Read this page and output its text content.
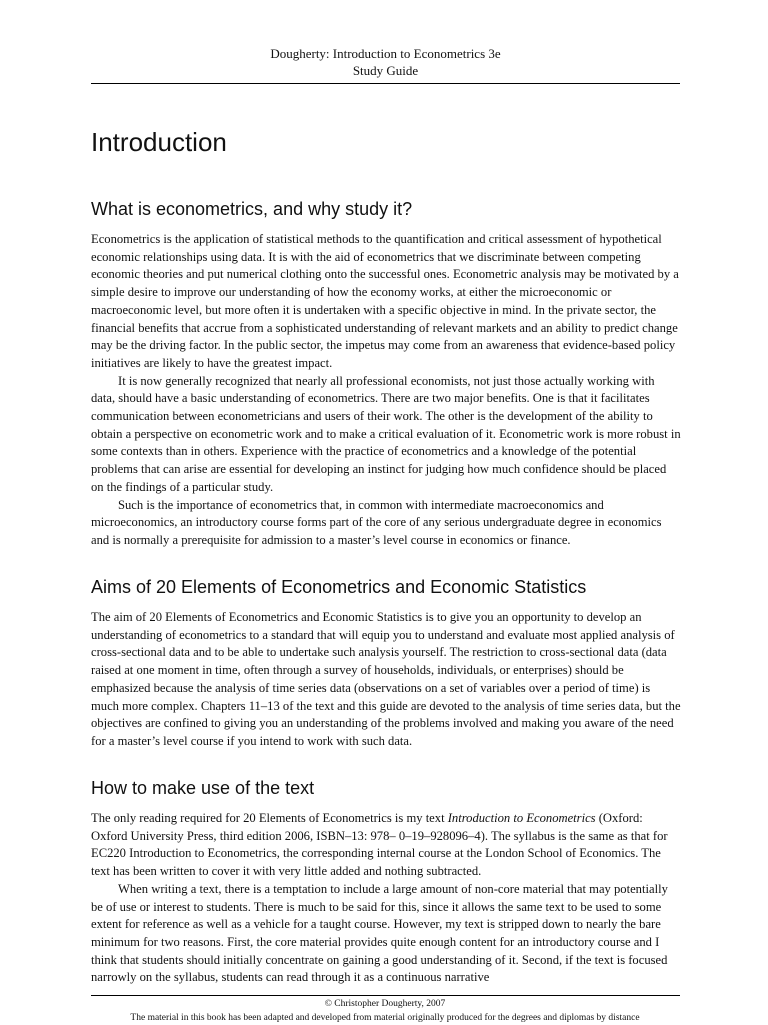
Dougherty: Introduction to Econometrics 3e
Study Guide
Introduction
What is econometrics, and why study it?

Econometrics is the application of statistical methods to the quantification and critical assessment of hypothetical economic relationships using data. It is with the aid of econometrics that we discriminate between competing economic theories and put numerical clothing onto the successful ones. Econometric analysis may be motivated by a simple desire to improve our understanding of how the economy works, at either the microeconomic or macroeconomic level, but more often it is undertaken with a specific objective in mind. In the private sector, the financial benefits that accrue from a sophisticated understanding of relevant markets and an ability to predict change may be the driving factor. In the public sector, the impetus may come from an awareness that evidence-based policy initiatives are likely to have the greatest impact.

It is now generally recognized that nearly all professional economists, not just those actually working with data, should have a basic understanding of econometrics. There are two major benefits. One is that it facilitates communication between econometricians and users of their work. The other is the development of the ability to obtain a perspective on econometric work and to make a critical evaluation of it. Econometric work is more robust in some contexts than in others. Experience with the practice of econometrics and a knowledge of the potential problems that can arise are essential for developing an instinct for judging how much confidence should be placed on the findings of a particular study.

Such is the importance of econometrics that, in common with intermediate macroeconomics and microeconomics, an introductory course forms part of the core of any serious undergraduate degree in economics and is normally a prerequisite for admission to a master’s level course in economics or finance.

Aims of 20 Elements of Econometrics and Economic Statistics

The aim of 20 Elements of Econometrics and Economic Statistics is to give you an opportunity to develop an understanding of econometrics to a standard that will equip you to understand and evaluate most applied analysis of cross-sectional data and to be able to undertake such analysis yourself. The restriction to cross-sectional data (data raised at one moment in time, often through a survey of households, individuals, or enterprises) should be emphasized because the analysis of time series data (observations on a set of variables over a period of time) is much more complex. Chapters 11–13 of the text and this guide are devoted to the analysis of time series data, but the objectives are confined to giving you an understanding of the problems involved and making you aware of the need for a master’s level course if you intend to work with such data.

How to make use of the text

The only reading required for 20 Elements of Econometrics is my text Introduction to Econometrics (Oxford: Oxford University Press, third edition 2006, ISBN–13: 978– 0–19–928096–4). The syllabus is the same as that for EC220 Introduction to Econometrics, the corresponding internal course at the London School of Economics. The text has been written to cover it with very little added and nothing subtracted.

When writing a text, there is a temptation to include a large amount of non-core material that may potentially be of use or interest to students. There is much to be said for this, since it allows the same text to be used to some extent for reference as well as a vehicle for a taught course. However, my text is stripped down to nearly the bare minimum for two reasons. First, the core material provides quite enough content for an introductory course and I think that students should initially concentrate on gaining a good understanding of it. Second, if the text is focused narrowly on the syllabus, students can read through it as a continuous narrative

© Christopher Dougherty, 2007
The material in this book has been adapted and developed from material originally produced for the degrees and diplomas by distance
